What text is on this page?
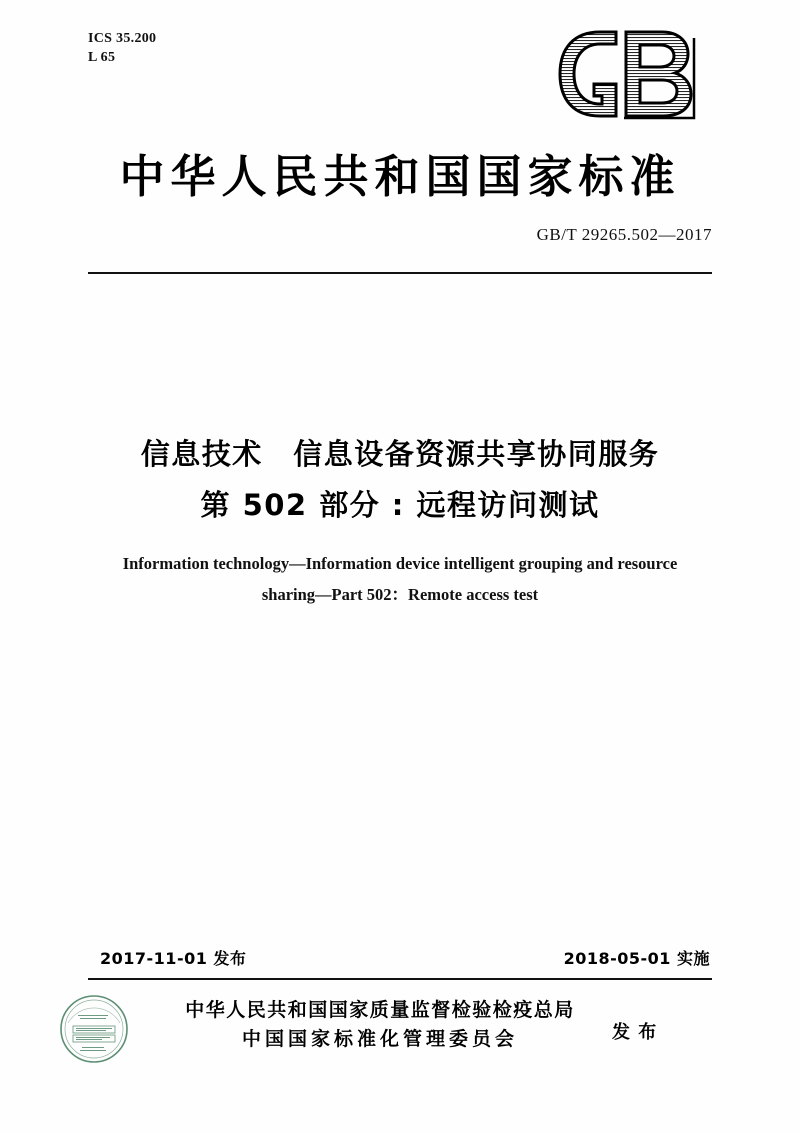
ICS 35.200
L 65
中华人民共和国国家标准
GB/T 29265.502—2017
信息技术　信息设备资源共享协同服务
第 502 部分 : 远程访问测试
Information technology—Information device intelligent grouping and resource
sharing—Part 502：Remote access test
2017-11-01 发布	2018-05-01 实施
中华人民共和国国家质量监督检验检疫总局
中国国家标准化管理委员会	发 布
